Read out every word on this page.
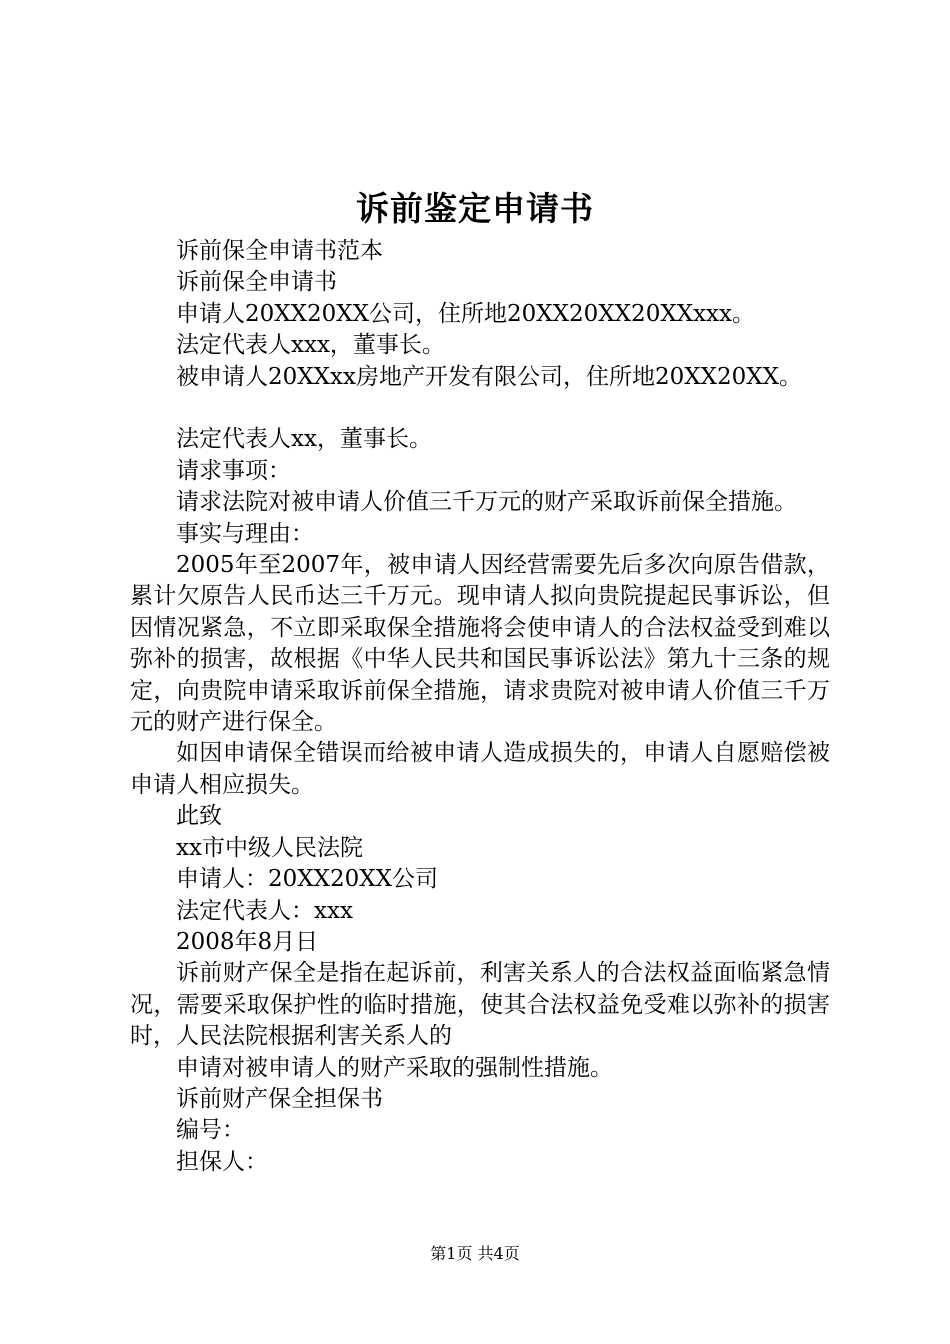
诉前鉴定申请书

诉前保全申请书范本

诉前保全申请书

申请人20XX20XX公司，住所地20XX20XX20XXxxx。

法定代表人xxx，董事长。

被申请人20XXxx房地产开发有限公司，住所地20XX20XX。

法定代表人xx，董事长。

请求事项：

请求法院对被申请人价值三千万元的财产采取诉前保全措施。

事实与理由：

2005年至2007年，被申请人因经营需要先后多次向原告借款，累计欠原告人民币达三千万元。现申请人拟向贵院提起民事诉讼，但因情况紧急，不立即采取保全措施将会使申请人的合法权益受到难以弥补的损害，故根据《中华人民共和国民事诉讼法》第九十三条的规定，向贵院申请采取诉前保全措施，请求贵院对被申请人价值三千万元的财产进行保全。

如因申请保全错误而给被申请人造成损失的，申请人自愿赔偿被申请人相应损失。

此致

xx市中级人民法院

申请人：20XX20XX公司

法定代表人：xxx

2008年8月日

诉前财产保全是指在起诉前，利害关系人的合法权益面临紧急情况，需要采取保护性的临时措施，使其合法权益免受难以弥补的损害时，人民法院根据利害关系人的

申请对被申请人的财产采取的强制性措施。

诉前财产保全担保书

编号：

担保人：

第1页 共4页
